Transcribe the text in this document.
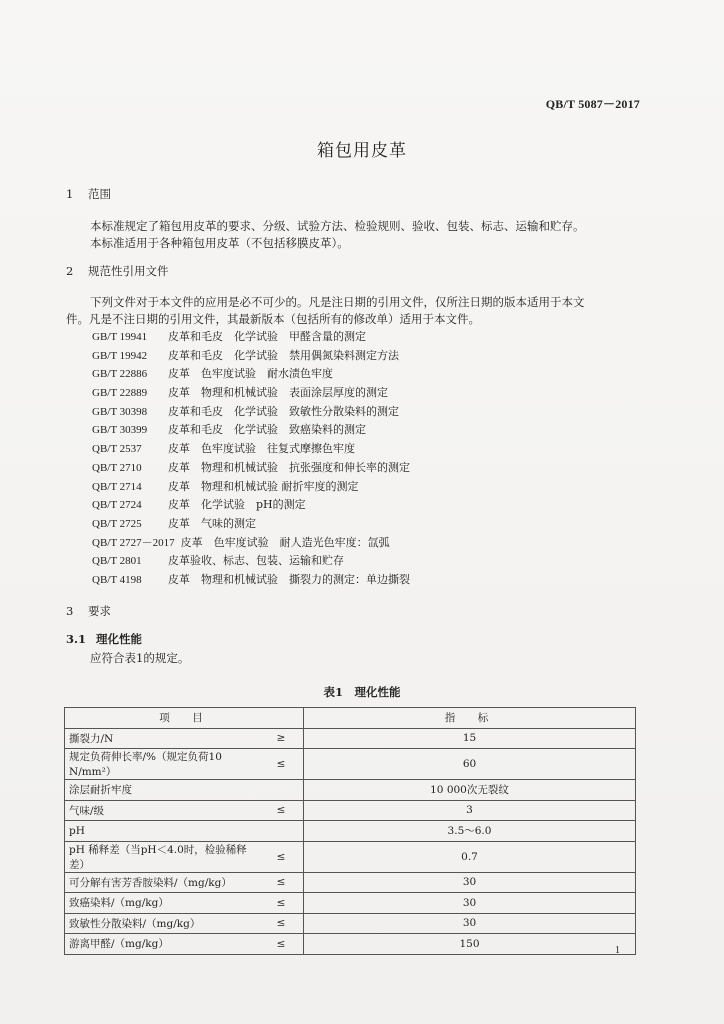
QB/T 5087－2017
箱包用皮革
1 范围
本标准规定了箱包用皮革的要求、分级、试验方法、检验规则、验收、包装、标志、运输和贮存。
本标准适用于各种箱包用皮革（不包括移膜皮革）。
2 规范性引用文件
下列文件对于本文件的应用是必不可少的。凡是注日期的引用文件，仅所注日期的版本适用于本文
件。凡是不注日期的引用文件，其最新版本（包括所有的修改单）适用于本文件。
GB/T 19941 皮革和毛皮　化学试验　甲醛含量的测定
GB/T 19942 皮革和毛皮　化学试验　禁用偶氮染料测定方法
GB/T 22886 皮革　色牢度试验　耐水渍色牢度
GB/T 22889 皮革　物理和机械试验　表面涂层厚度的测定
GB/T 30398 皮革和毛皮　化学试验　致敏性分散染料的测定
GB/T 30399 皮革和毛皮　化学试验　致癌染料的测定
QB/T 2537 皮革　色牢度试验　往复式摩擦色牢度
QB/T 2710 皮革　物理和机械试验　抗张强度和伸长率的测定
QB/T 2714 皮革　物理和机械试验 耐折牢度的测定
QB/T 2724 皮革　化学试验　pH的测定
QB/T 2725 皮革　气味的测定
QB/T 2727－2017 皮革　色牢度试验　耐人造光色牢度：氙弧
QB/T 2801 皮革验收、标志、包装、运输和贮存
QB/T 4198 皮革　物理和机械试验　撕裂力的测定：单边撕裂
3 要求
3.1 理化性能
应符合表1的规定。
表1　理化性能
项　目		指　标
撕裂力/N	≥	15
规定负荷伸长率/%（规定负荷10 N/mm²）	≤	60
涂层耐折牢度		10 000次无裂纹
气味/级	≤	3
pH		3.5～6.0
pH 稀释差（当pH＜4.0时，检验稀释差）	≤	0.7
可分解有害芳香胺染料/（mg/kg）	≤	30
致癌染料/（mg/kg）	≤	30
致敏性分散染料/（mg/kg）	≤	30
游离甲醛/（mg/kg）	≤	150
1
